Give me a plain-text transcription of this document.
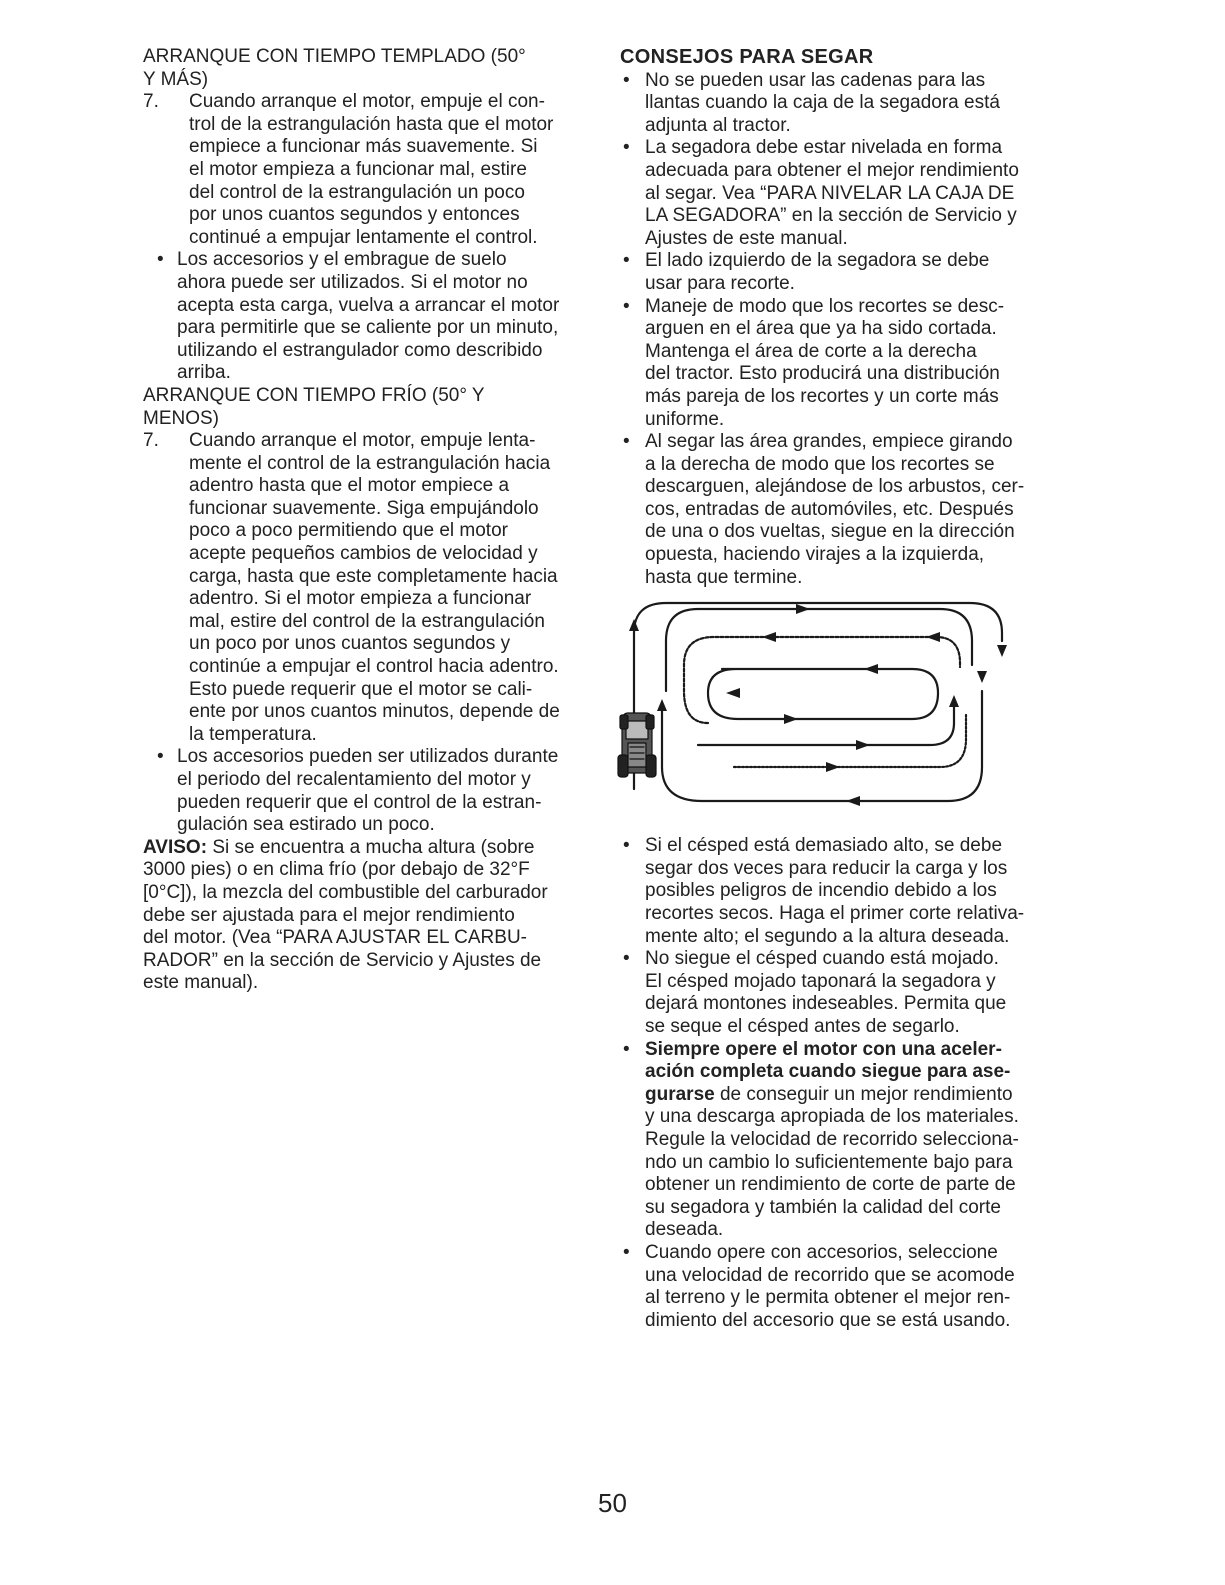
ARRANQUE CON TIEMPO TEMPLADO (50°
Y MÁS)
7. Cuando arranque el motor, empuje el con-
trol de la estrangulación hasta que el motor
empiece a funcionar más suavemente. Si
el motor empieza a funcionar mal, estire
del control de la estrangulación un poco
por unos cuantos segundos y entonces
continué a empujar lentamente el control.
• Los accesorios y el embrague de suelo
ahora puede ser utilizados. Si el motor no
acepta esta carga, vuelva a arrancar el motor
para permitirle que se caliente por un minuto,
utilizando el estrangulador como describido
arriba.
ARRANQUE CON TIEMPO FRÍO (50° Y
MENOS)
7. Cuando arranque el motor, empuje lenta-
mente el control de la estrangulación hacia
adentro hasta que el motor empiece a
funcionar suavemente. Siga empujándolo
poco a poco permitiendo que el motor
acepte pequeños cambios de velocidad y
carga, hasta que este completamente hacia
adentro. Si el motor empieza a funcionar
mal, estire del control de la estrangulación
un poco por unos cuantos segundos y
continúe a empujar el control hacia adentro.
Esto puede requerir que el motor se cali-
ente por unos cuantos minutos, depende de
la temperatura.
• Los accesorios pueden ser utilizados durante
el periodo del recalentamiento del motor y
pueden requerir que el control de la estran-
gulación sea estirado un poco.
AVISO: Si se encuentra a mucha altura (sobre
3000 pies) o en clima frío (por debajo de 32°F
[0°C]), la mezcla del combustible del carburador
debe ser ajustada para el mejor rendimiento
del motor. (Vea “PARA AJUSTAR EL CARBU-
RADOR” en la sección de Servicio y Ajustes de
este manual).
CONSEJOS PARA SEGAR
• No se pueden usar las cadenas para las
llantas cuando la caja de la segadora está
adjunta al tractor.
• La segadora debe estar nivelada en forma
adecuada para obtener el mejor rendimiento
al segar. Vea “PARA NIVELAR LA CAJA DE
LA SEGADORA” en la sección de Servicio y
Ajustes de este manual.
• El lado izquierdo de la segadora se debe
usar para recorte.
• Maneje de modo que los recortes se desc-
arguen en el área que ya ha sido cortada.
Mantenga el área de corte a la derecha
del tractor. Esto producirá una distribución
más pareja de los recortes y un corte más
uniforme.
• Al segar las área grandes, empiece girando
a la derecha de modo que los recortes se
descarguen, alejándose de los arbustos, cer-
cos, entradas de automóviles, etc. Después
de una o dos vueltas, siegue en la dirección
opuesta, haciendo virajes a la izquierda,
hasta que termine.
• Si el césped está demasiado alto, se debe
segar dos veces para reducir la carga y los
posibles peligros de incendio debido a los
recortes secos. Haga el primer corte relativa-
mente alto; el segundo a la altura deseada.
• No siegue el césped cuando está mojado.
El césped mojado taponará la segadora y
dejará montones indeseables. Permita que
se seque el césped antes de segarlo.
• Siempre opere el motor con una aceler-
ación completa cuando siegue para ase-
gurarse de conseguir un mejor rendimiento
y una descarga apropiada de los materiales.
Regule la velocidad de recorrido selecciona-
ndo un cambio lo suficientemente bajo para
obtener un rendimiento de corte de parte de
su segadora y también la calidad del corte
deseada.
• Cuando opere con accesorios, seleccione
una velocidad de recorrido que se acomode
al terreno y le permita obtener el mejor ren-
dimiento del accesorio que se está usando.
50
